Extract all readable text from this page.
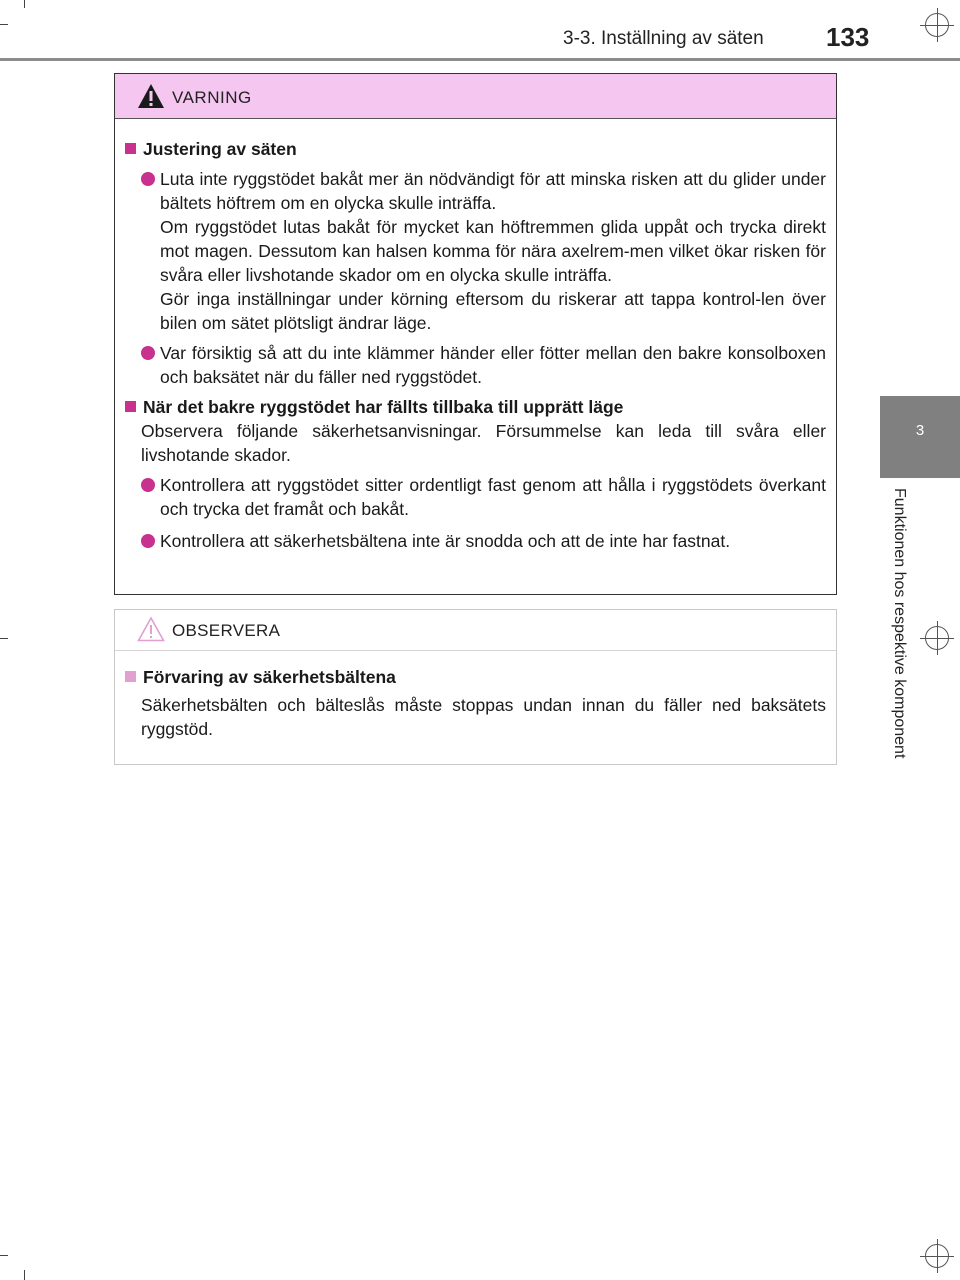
3-3. Inställning av säten 133
3
Funktionen hos respektive komponent
VARNING
Justering av säten
Luta inte ryggstödet bakåt mer än nödvändigt för att minska risken att du glider under bältets höftrem om en olycka skulle inträffa.
Om ryggstödet lutas bakåt för mycket kan höftremmen glida uppåt och trycka direkt mot magen. Dessutom kan halsen komma för nära axelrem-men vilket ökar risken för svåra eller livshotande skador om en olycka skulle inträffa.
Gör inga inställningar under körning eftersom du riskerar att tappa kontrol-len över bilen om sätet plötsligt ändrar läge.
Var försiktig så att du inte klämmer händer eller fötter mellan den bakre konsolboxen och baksätet när du fäller ned ryggstödet.
När det bakre ryggstödet har fällts tillbaka till upprätt läge
Observera följande säkerhetsanvisningar. Försummelse kan leda till svåra eller livshotande skador.
Kontrollera att ryggstödet sitter ordentligt fast genom att hålla i ryggstödets överkant och trycka det framåt och bakåt.
Kontrollera att säkerhetsbältena inte är snodda och att de inte har fastnat.
OBSERVERA
Förvaring av säkerhetsbältena
Säkerhetsbälten och bälteslås måste stoppas undan innan du fäller ned baksätets ryggstöd.
